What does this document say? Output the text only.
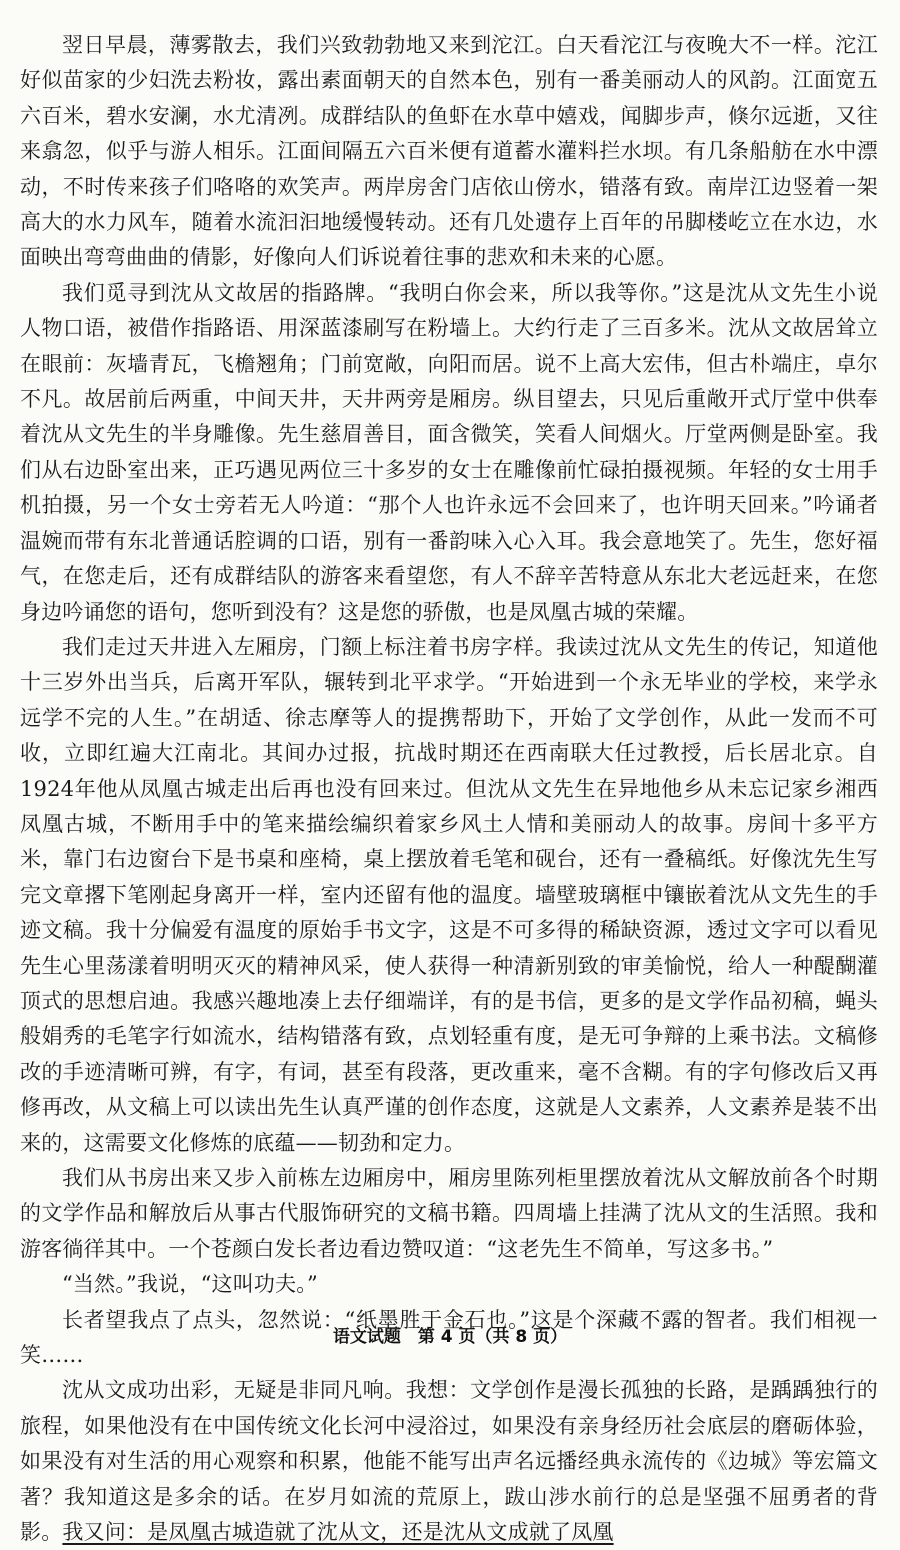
翌日早晨，薄雾散去，我们兴致勃勃地又来到沱江。白天看沱江与夜晚大不一样。沱江好似苗家的少妇洗去粉妆，露出素面朝天的自然本色，别有一番美丽动人的风韵。江面宽五六百米，碧水安澜，水尤清冽。成群结队的鱼虾在水草中嬉戏，闻脚步声，倏尔远逝，又往来翕忽，似乎与游人相乐。江面间隔五六百米便有道蓄水灌料拦水坝。有几条船舫在水中漂动，不时传来孩子们咯咯的欢笑声。两岸房舍门店依山傍水，错落有致。南岸江边竖着一架高大的水力风车，随着水流汩汩地缓慢转动。还有几处遗存上百年的吊脚楼屹立在水边，水面映出弯弯曲曲的倩影，好像向人们诉说着往事的悲欢和未来的心愿。

我们觅寻到沈从文故居的指路牌。“我明白你会来，所以我等你。”这是沈从文先生小说人物口语，被借作指路语、用深蓝漆刷写在粉墙上。大约行走了三百多米。沈从文故居耸立在眼前：灰墙青瓦，飞檐翘角；门前宽敞，向阳而居。说不上高大宏伟，但古朴端庄，卓尔不凡。故居前后两重，中间天井，天井两旁是厢房。纵目望去，只见后重敞开式厅堂中供奉着沈从文先生的半身雕像。先生慈眉善目，面含微笑，笑看人间烟火。厅堂两侧是卧室。我们从右边卧室出来，正巧遇见两位三十多岁的女士在雕像前忙碌拍摄视频。年轻的女士用手机拍摄，另一个女士旁若无人吟道：“那个人也许永远不会回来了，也许明天回来。”吟诵者温婉而带有东北普通话腔调的口语，别有一番韵味入心入耳。我会意地笑了。先生，您好福气，在您走后，还有成群结队的游客来看望您，有人不辞辛苦特意从东北大老远赶来，在您身边吟诵您的语句，您听到没有？这是您的骄傲，也是凤凰古城的荣耀。

我们走过天井进入左厢房，门额上标注着书房字样。我读过沈从文先生的传记，知道他十三岁外出当兵，后离开军队，辗转到北平求学。“开始进到一个永无毕业的学校，来学永远学不完的人生。”在胡适、徐志摩等人的提携帮助下，开始了文学创作，从此一发而不可收，立即红遍大江南北。其间办过报，抗战时期还在西南联大任过教授，后长居北京。自1924年他从凤凰古城走出后再也没有回来过。但沈从文先生在异地他乡从未忘记家乡湘西凤凰古城，不断用手中的笔来描绘编织着家乡风土人情和美丽动人的故事。房间十多平方米，靠门右边窗台下是书桌和座椅，桌上摆放着毛笔和砚台，还有一叠稿纸。好像沈先生写完文章撂下笔刚起身离开一样，室内还留有他的温度。墙壁玻璃框中镶嵌着沈从文先生的手迹文稿。我十分偏爱有温度的原始手书文字，这是不可多得的稀缺资源，透过文字可以看见先生心里荡漾着明明灭灭的精神风采，使人获得一种清新别致的审美愉悦，给人一种醍醐灌顶式的思想启迪。我感兴趣地凑上去仔细端详，有的是书信，更多的是文学作品初稿，蝇头般娟秀的毛笔字行如流水，结构错落有致，点划轻重有度，是无可争辩的上乘书法。文稿修改的手迹清晰可辨，有字，有词，甚至有段落，更改重来，毫不含糊。有的字句修改后又再修再改，从文稿上可以读出先生认真严谨的创作态度，这就是人文素养，人文素养是装不出来的，这需要文化修炼的底蕴——韧劲和定力。

我们从书房出来又步入前栋左边厢房中，厢房里陈列柜里摆放着沈从文解放前各个时期的文学作品和解放后从事古代服饰研究的文稿书籍。四周墙上挂满了沈从文的生活照。我和游客徜徉其中。一个苍颜白发长者边看边赞叹道：“这老先生不简单，写这多书。”

“当然。”我说，“这叫功夫。”

长者望我点了点头，忽然说：“纸墨胜于金石也。”这是个深藏不露的智者。我们相视一笑……

沈从文成功出彩，无疑是非同凡响。我想：文学创作是漫长孤独的长路，是踽踽独行的旅程，如果他没有在中国传统文化长河中浸浴过，如果没有亲身经历社会底层的磨砺体验，如果没有对生活的用心观察和积累，他能不能写出声名远播经典永流传的《边城》等宏篇文著？我知道这是多余的话。在岁月如流的荒原上，跋山涉水前行的总是坚强不屈勇者的背影。我又问：是凤凰古城造就了沈从文，还是沈从文成就了凤凰

语文试题　第 4 页（共 8 页）
